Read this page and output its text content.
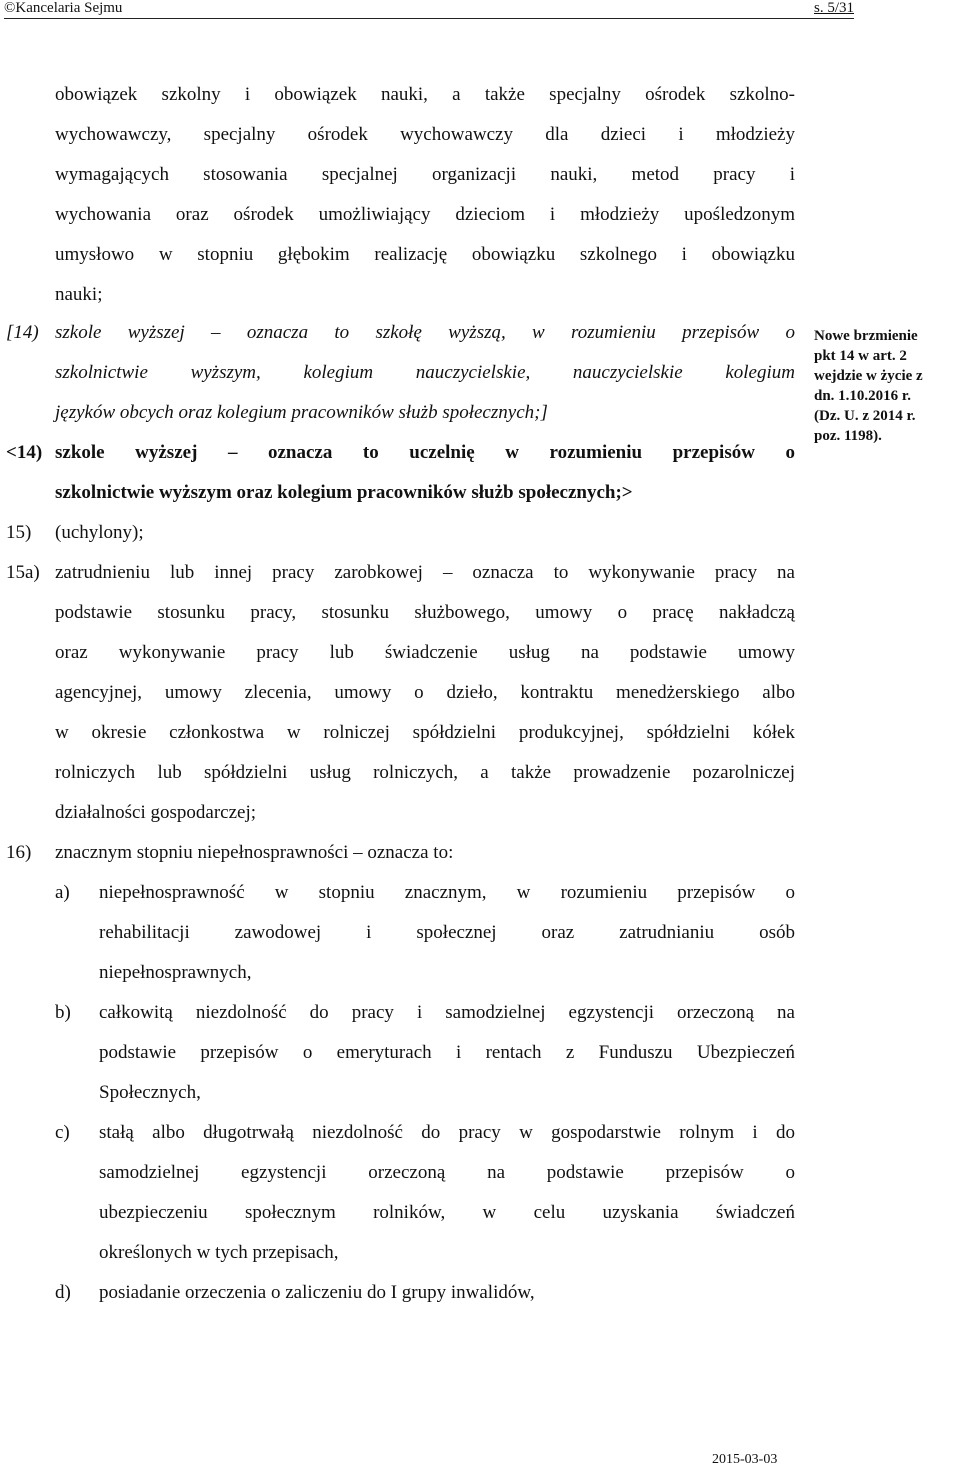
©Kancelaria Sejmu	s. 5/31
obowiązek szkolny i obowiązek nauki, a także specjalny ośrodek szkolno-
wychowawczy, specjalny ośrodek wychowawczy dla dzieci i młodzieży
wymagających stosowania specjalnej organizacji nauki, metod pracy i
wychowania oraz ośrodek umożliwiający dzieciom i młodzieży upośledzonym
umysłowo w stopniu głębokim realizację obowiązku szkolnego i obowiązku
nauki;
[14) szkole wyższej – oznacza to szkołę wyższą, w rozumieniu przepisów o
szkolnictwie wyższym, kolegium nauczycielskie, nauczycielskie kolegium
języków obcych oraz kolegium pracowników służb społecznych;]
<14) szkole wyższej – oznacza to uczelnię w rozumieniu przepisów o
szkolnictwie wyższym oraz kolegium pracowników służb społecznych;>
15) (uchylony);
15a) zatrudnieniu lub innej pracy zarobkowej – oznacza to wykonywanie pracy na
podstawie stosunku pracy, stosunku służbowego, umowy o pracę nakładczą
oraz wykonywanie pracy lub świadczenie usług na podstawie umowy
agencyjnej, umowy zlecenia, umowy o dzieło, kontraktu menedżerskiego albo
w okresie członkostwa w rolniczej spółdzielni produkcyjnej, spółdzielni kółek
rolniczych lub spółdzielni usług rolniczych, a także prowadzenie pozarolniczej
działalności gospodarczej;
16) znacznym stopniu niepełnosprawności – oznacza to:
a) niepełnosprawność w stopniu znacznym, w rozumieniu przepisów o
rehabilitacji zawodowej i społecznej oraz zatrudnianiu osób
niepełnosprawnych,
b) całkowitą niezdolność do pracy i samodzielnej egzystencji orzeczoną na
podstawie przepisów o emeryturach i rentach z Funduszu Ubezpieczeń
Społecznych,
c) stałą albo długotrwałą niezdolność do pracy w gospodarstwie rolnym i do
samodzielnej egzystencji orzeczoną na podstawie przepisów o
ubezpieczeniu społecznym rolników, w celu uzyskania świadczeń
określonych w tych przepisach,
d) posiadanie orzeczenia o zaliczeniu do I grupy inwalidów,
Nowe brzmienie
pkt 14 w art. 2
wejdzie w życie z
dn. 1.10.2016 r.
(Dz. U. z 2014 r.
poz. 1198).
2015-03-03
